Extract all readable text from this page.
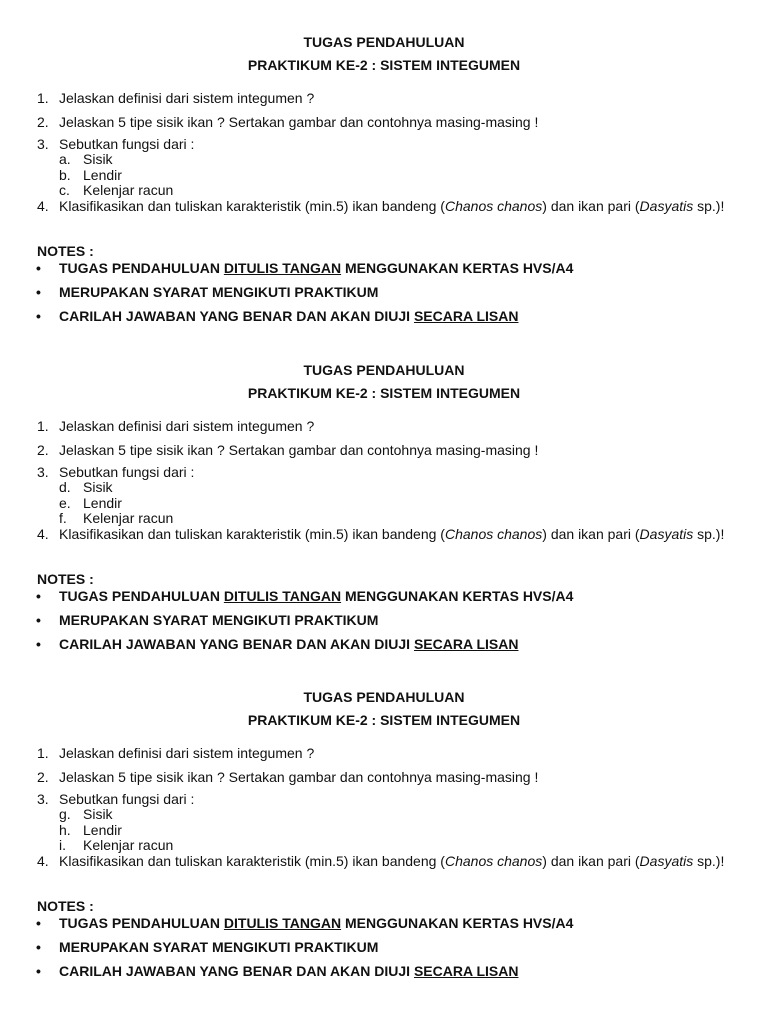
TUGAS PENDAHULUAN
PRAKTIKUM KE-2 : SISTEM INTEGUMEN
1. Jelaskan definisi dari sistem integumen ?
2. Jelaskan 5 tipe sisik ikan ? Sertakan gambar dan contohnya masing-masing !
3. Sebutkan fungsi dari :
a. Sisik
b. Lendir
c. Kelenjar racun
4. Klasifikasikan dan tuliskan karakteristik (min.5) ikan bandeng (Chanos chanos) dan ikan pari (Dasyatis sp.)!
NOTES :
• TUGAS PENDAHULUAN DITULIS TANGAN MENGGUNAKAN KERTAS HVS/A4
• MERUPAKAN SYARAT MENGIKUTI PRAKTIKUM
• CARILAH JAWABAN YANG BENAR DAN AKAN DIUJI SECARA LISAN
TUGAS PENDAHULUAN
PRAKTIKUM KE-2 : SISTEM INTEGUMEN
1. Jelaskan definisi dari sistem integumen ?
2. Jelaskan 5 tipe sisik ikan ? Sertakan gambar dan contohnya masing-masing !
3. Sebutkan fungsi dari :
d. Sisik
e. Lendir
f. Kelenjar racun
4. Klasifikasikan dan tuliskan karakteristik (min.5) ikan bandeng (Chanos chanos) dan ikan pari (Dasyatis sp.)!
NOTES :
• TUGAS PENDAHULUAN DITULIS TANGAN MENGGUNAKAN KERTAS HVS/A4
• MERUPAKAN SYARAT MENGIKUTI PRAKTIKUM
• CARILAH JAWABAN YANG BENAR DAN AKAN DIUJI SECARA LISAN
TUGAS PENDAHULUAN
PRAKTIKUM KE-2 : SISTEM INTEGUMEN
1. Jelaskan definisi dari sistem integumen ?
2. Jelaskan 5 tipe sisik ikan ? Sertakan gambar dan contohnya masing-masing !
3. Sebutkan fungsi dari :
g. Sisik
h. Lendir
i. Kelenjar racun
4. Klasifikasikan dan tuliskan karakteristik (min.5) ikan bandeng (Chanos chanos) dan ikan pari (Dasyatis sp.)!
NOTES :
• TUGAS PENDAHULUAN DITULIS TANGAN MENGGUNAKAN KERTAS HVS/A4
• MERUPAKAN SYARAT MENGIKUTI PRAKTIKUM
• CARILAH JAWABAN YANG BENAR DAN AKAN DIUJI SECARA LISAN
